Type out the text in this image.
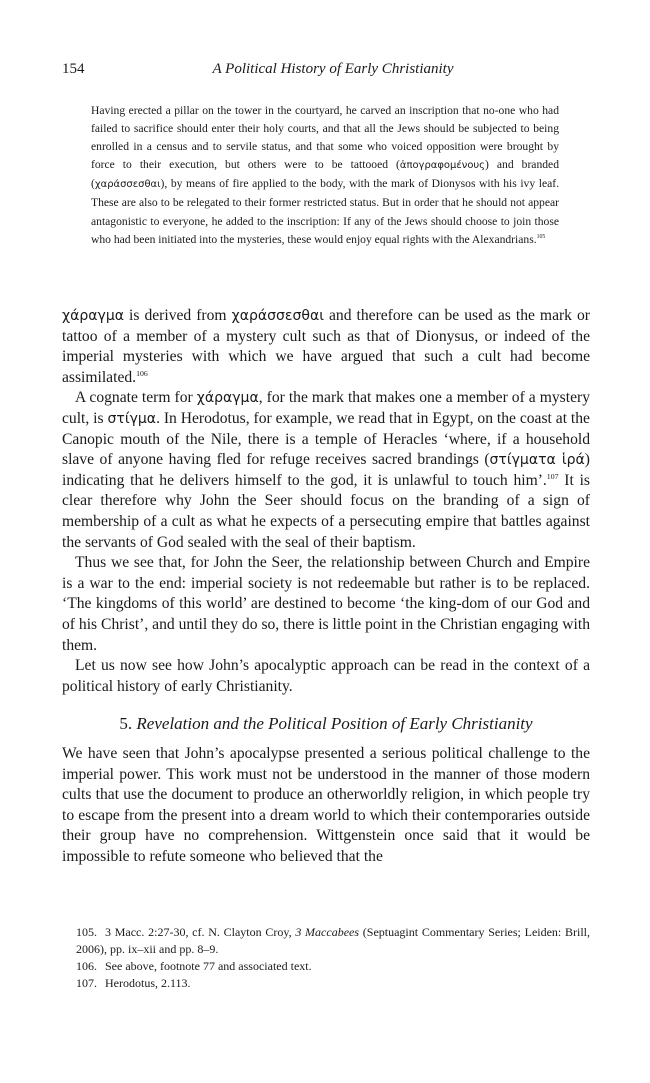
154	A Political History of Early Christianity

Having erected a pillar on the tower in the courtyard, he carved an inscription that no-one who had failed to sacrifice should enter their holy courts, and that all the Jews should be subjected to being enrolled in a census and to servile status, and that some who voiced opposition were brought by force to their execution, but others were to be tattooed (ἀπογραφομένους) and branded (χαράσσεσθαι), by means of fire applied to the body, with the mark of Dionysos with his ivy leaf. These are also to be relegated to their former restricted status. But in order that he should not appear antagonistic to everyone, he added to the inscription: If any of the Jews should choose to join those who had been initiated into the mysteries, these would enjoy equal rights with the Alexandrians.$^{105}$

χάραγμα is derived from χαράσσεσθαι and therefore can be used as the mark or tattoo of a member of a mystery cult such as that of Dionysus, or indeed of the imperial mysteries with which we have argued that such a cult had become assimilated.$^{106}$

A cognate term for χάραγμα, for the mark that makes one a member of a mystery cult, is στίγμα. In Herodotus, for example, we read that in Egypt, on the coast at the Canopic mouth of the Nile, there is a temple of Heracles ‘where, if a household slave of anyone having fled for refuge receives sacred brandings (στίγματα ἱρά) indicating that he delivers himself to the god, it is unlawful to touch him’.$^{107}$ It is clear therefore why John the Seer should focus on the branding of a sign of membership of a cult as what he expects of a persecuting empire that battles against the servants of God sealed with the seal of their baptism.

Thus we see that, for John the Seer, the relationship between Church and Empire is a war to the end: imperial society is not redeemable but rather is to be replaced. ‘The kingdoms of this world’ are destined to become ‘the king-dom of our God and of his Christ’, and until they do so, there is little point in the Christian engaging with them.

Let us now see how John’s apocalyptic approach can be read in the context of a political history of early Christianity.

5. Revelation and the Political Position of Early Christianity

We have seen that John’s apocalypse presented a serious political challenge to the imperial power. This work must not be understood in the manner of those modern cults that use the document to produce an otherworldly religion, in which people try to escape from the present into a dream world to which their contemporaries outside their group have no comprehension. Wittgenstein once said that it would be impossible to refute someone who believed that the

105. 3 Macc. 2:27-30, cf. N. Clayton Croy, 3 Maccabees (Septuagint Commentary Series; Leiden: Brill, 2006), pp. ix–xii and pp. 8–9.

106. See above, footnote 77 and associated text.

107. Herodotus, 2.113.
